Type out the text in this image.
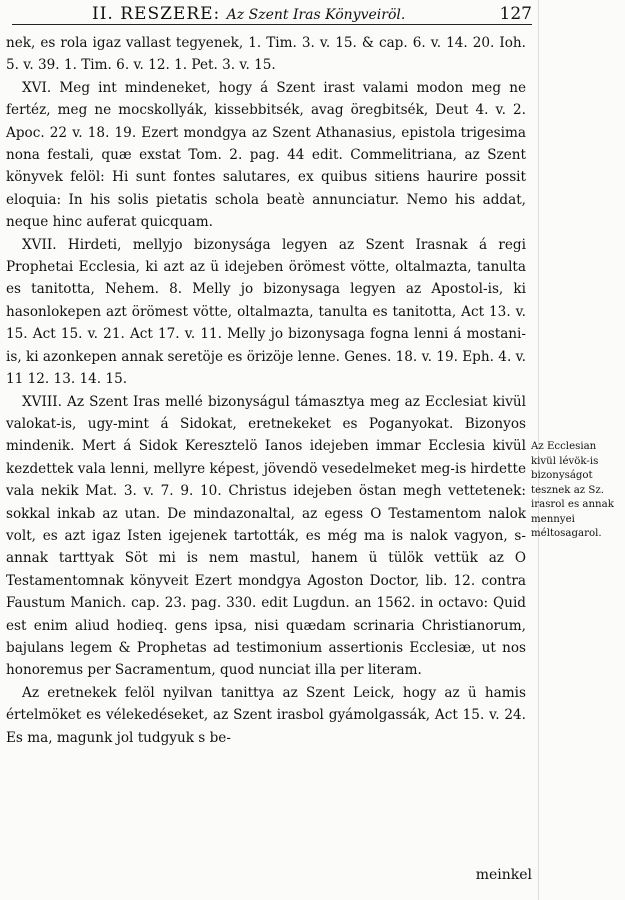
II. RESZERE: Az Szent Iras Könyveiröl.	127

nek, es rola igaz vallast tegyenek, 1. Tim. 3. v. 15. & cap. 6. v. 14. 20. Ioh. 5. v. 39. 1. Tim. 6. v. 12. 1. Pet. 3. v. 15.

XVI. Meg int mindeneket, hogy á Szent irast valami modon meg ne fertéz, meg ne mocskollyák, kissebbitsék, avag öregbitsék, Deut 4. v. 2. Apoc. 22 v. 18. 19. Ezert mondgya az Szent Athanasius, epistola trigesima nona festali, quæ exstat Tom. 2. pag. 44 edit. Commelitriana, az Szent könyvek felöl: Hi sunt fontes salutares, ex quibus sitiens haurire possit eloquia: In his solis pietatis schola beatè annunciatur. Nemo his addat, neque hinc auferat quicquam.

XVII. Hirdeti, mellyjo bizonysága legyen az Szent Irasnak á regi Prophetai Ecclesia, ki azt az ü idejeben örömest vötte, oltalmazta, tanulta es tanitotta, Nehem. 8. Melly jo bizonysaga legyen az Apostol-is, ki hasonlokepen azt örömest vötte, oltalmazta, tanulta es tanitotta, Act 13. v. 15. Act 15. v. 21. Act 17. v. 11. Melly jo bizonysaga fogna lenni á mostani-is, ki azonkepen annak seretöje es örizöje lenne. Genes. 18. v. 19. Eph. 4. v. 11 12. 13. 14. 15.

XVIII. Az Szent Iras mellé bizonyságul támasztya meg az Ecclesiat kivül valokat-is, ugy-mint á Sidokat, eretnekeket es Poganyokat. Bizonyos mindenik. Mert á Sidok Keresztelö Ianos idejeben immar Ecclesia kivül kezdettek vala lenni, mellyre képest, jövendö vesedelmeket meg-is hirdette vala nekik Mat. 3. v. 7. 9. 10. Christus idejeben östan megh vettetenek: sokkal inkab az utan. De mindazonaltal, az egess O Testamentom nalok volt, es azt igaz Isten igejenek tartották, es még ma is nalok vagyon, s-annak tarttyak Söt mi is nem mastul, hanem ü tülök vettük az O Testamentomnak könyveit Ezert mondgya Agoston Doctor, lib. 12. contra Faustum Manich. cap. 23. pag. 330. edit Lugdun. an 1562. in octavo: Quid est enim aliud hodieq. gens ipsa, nisi quædam scrinaria Christianorum, bajulans legem & Prophetas ad testimonium assertionis Ecclesiæ, ut nos honoremus per Sacramentum, quod nunciat illa per literam.

Az eretnekek felöl nyilvan tanittya az Szent Leick, hogy az ü hamis értelmöket es vélekedéseket, az Szent irasbol gyámolgassák, Act 15. v. 24. Es ma, magunk jol tudgyuk s be-

Az Ecclesian kivül lévök-is bizonyságot tesznek az Sz. irasrol es annak mennyei méltosagarol.
meinkel
